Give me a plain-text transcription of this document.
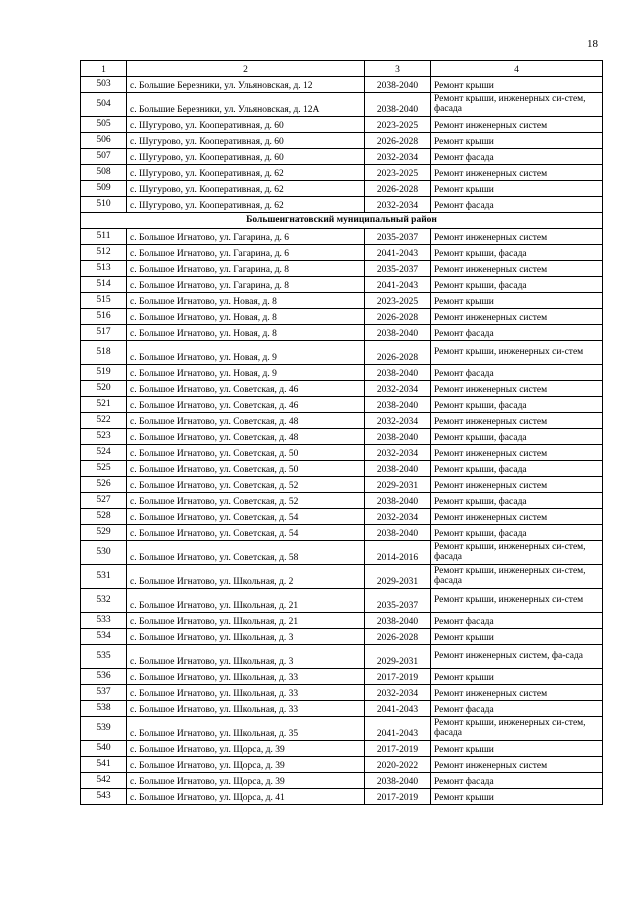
18
1	2	3	4
503	с. Большие Березники, ул. Ульяновская, д. 12	2038-2040	Ремонт крыши
504	с. Большие Березники, ул. Ульяновская, д. 12А	2038-2040	Ремонт крыши, инженерных си-стем, фасада
505	с. Шугурово, ул. Кооперативная, д. 60	2023-2025	Ремонт инженерных систем
506	с. Шугурово, ул. Кооперативная, д. 60	2026-2028	Ремонт крыши
507	с. Шугурово, ул. Кооперативная, д. 60	2032-2034	Ремонт фасада
508	с. Шугурово, ул. Кооперативная, д. 62	2023-2025	Ремонт инженерных систем
509	с. Шугурово, ул. Кооперативная, д. 62	2026-2028	Ремонт крыши
510	с. Шугурово, ул. Кооперативная, д. 62	2032-2034	Ремонт фасада
Большеигнатовский муниципальный район			
511	с. Большое Игнатово, ул. Гагарина, д. 6	2035-2037	Ремонт инженерных систем
512	с. Большое Игнатово, ул. Гагарина, д. 6	2041-2043	Ремонт крыши, фасада
513	с. Большое Игнатово, ул. Гагарина, д. 8	2035-2037	Ремонт инженерных систем
514	с. Большое Игнатово, ул. Гагарина, д. 8	2041-2043	Ремонт крыши, фасада
515	с. Большое Игнатово, ул. Новая, д. 8	2023-2025	Ремонт крыши
516	с. Большое Игнатово, ул. Новая, д. 8	2026-2028	Ремонт инженерных систем
517	с. Большое Игнатово, ул. Новая, д. 8	2038-2040	Ремонт фасада
518	с. Большое Игнатово, ул. Новая, д. 9	2026-2028	Ремонт крыши, инженерных си-стем
519	с. Большое Игнатово, ул. Новая, д. 9	2038-2040	Ремонт фасада
520	с. Большое Игнатово, ул. Советская, д. 46	2032-2034	Ремонт инженерных систем
521	с. Большое Игнатово, ул. Советская, д. 46	2038-2040	Ремонт крыши, фасада
522	с. Большое Игнатово, ул. Советская, д. 48	2032-2034	Ремонт инженерных систем
523	с. Большое Игнатово, ул. Советская, д. 48	2038-2040	Ремонт крыши, фасада
524	с. Большое Игнатово, ул. Советская, д. 50	2032-2034	Ремонт инженерных систем
525	с. Большое Игнатово, ул. Советская, д. 50	2038-2040	Ремонт крыши, фасада
526	с. Большое Игнатово, ул. Советская, д. 52	2029-2031	Ремонт инженерных систем
527	с. Большое Игнатово, ул. Советская, д. 52	2038-2040	Ремонт крыши, фасада
528	с. Большое Игнатово, ул. Советская, д. 54	2032-2034	Ремонт инженерных систем
529	с. Большое Игнатово, ул. Советская, д. 54	2038-2040	Ремонт крыши, фасада
530	с. Большое Игнатово, ул. Советская, д. 58	2014-2016	Ремонт крыши, инженерных си-стем, фасада
531	с. Большое Игнатово, ул. Школьная, д. 2	2029-2031	Ремонт крыши, инженерных си-стем, фасада
532	с. Большое Игнатово, ул. Школьная, д. 21	2035-2037	Ремонт крыши, инженерных си-стем
533	с. Большое Игнатово, ул. Школьная, д. 21	2038-2040	Ремонт фасада
534	с. Большое Игнатово, ул. Школьная, д. 3	2026-2028	Ремонт крыши
535	с. Большое Игнатово, ул. Школьная, д. 3	2029-2031	Ремонт инженерных систем, фа-сада
536	с. Большое Игнатово, ул. Школьная, д. 33	2017-2019	Ремонт крыши
537	с. Большое Игнатово, ул. Школьная, д. 33	2032-2034	Ремонт инженерных систем
538	с. Большое Игнатово, ул. Школьная, д. 33	2041-2043	Ремонт фасада
539	с. Большое Игнатово, ул. Школьная, д. 35	2041-2043	Ремонт крыши, инженерных си-стем, фасада
540	с. Большое Игнатово, ул. Щорса, д. 39	2017-2019	Ремонт крыши
541	с. Большое Игнатово, ул. Щорса, д. 39	2020-2022	Ремонт инженерных систем
542	с. Большое Игнатово, ул. Щорса, д. 39	2038-2040	Ремонт фасада
543	с. Большое Игнатово, ул. Щорса, д. 41	2017-2019	Ремонт крыши
